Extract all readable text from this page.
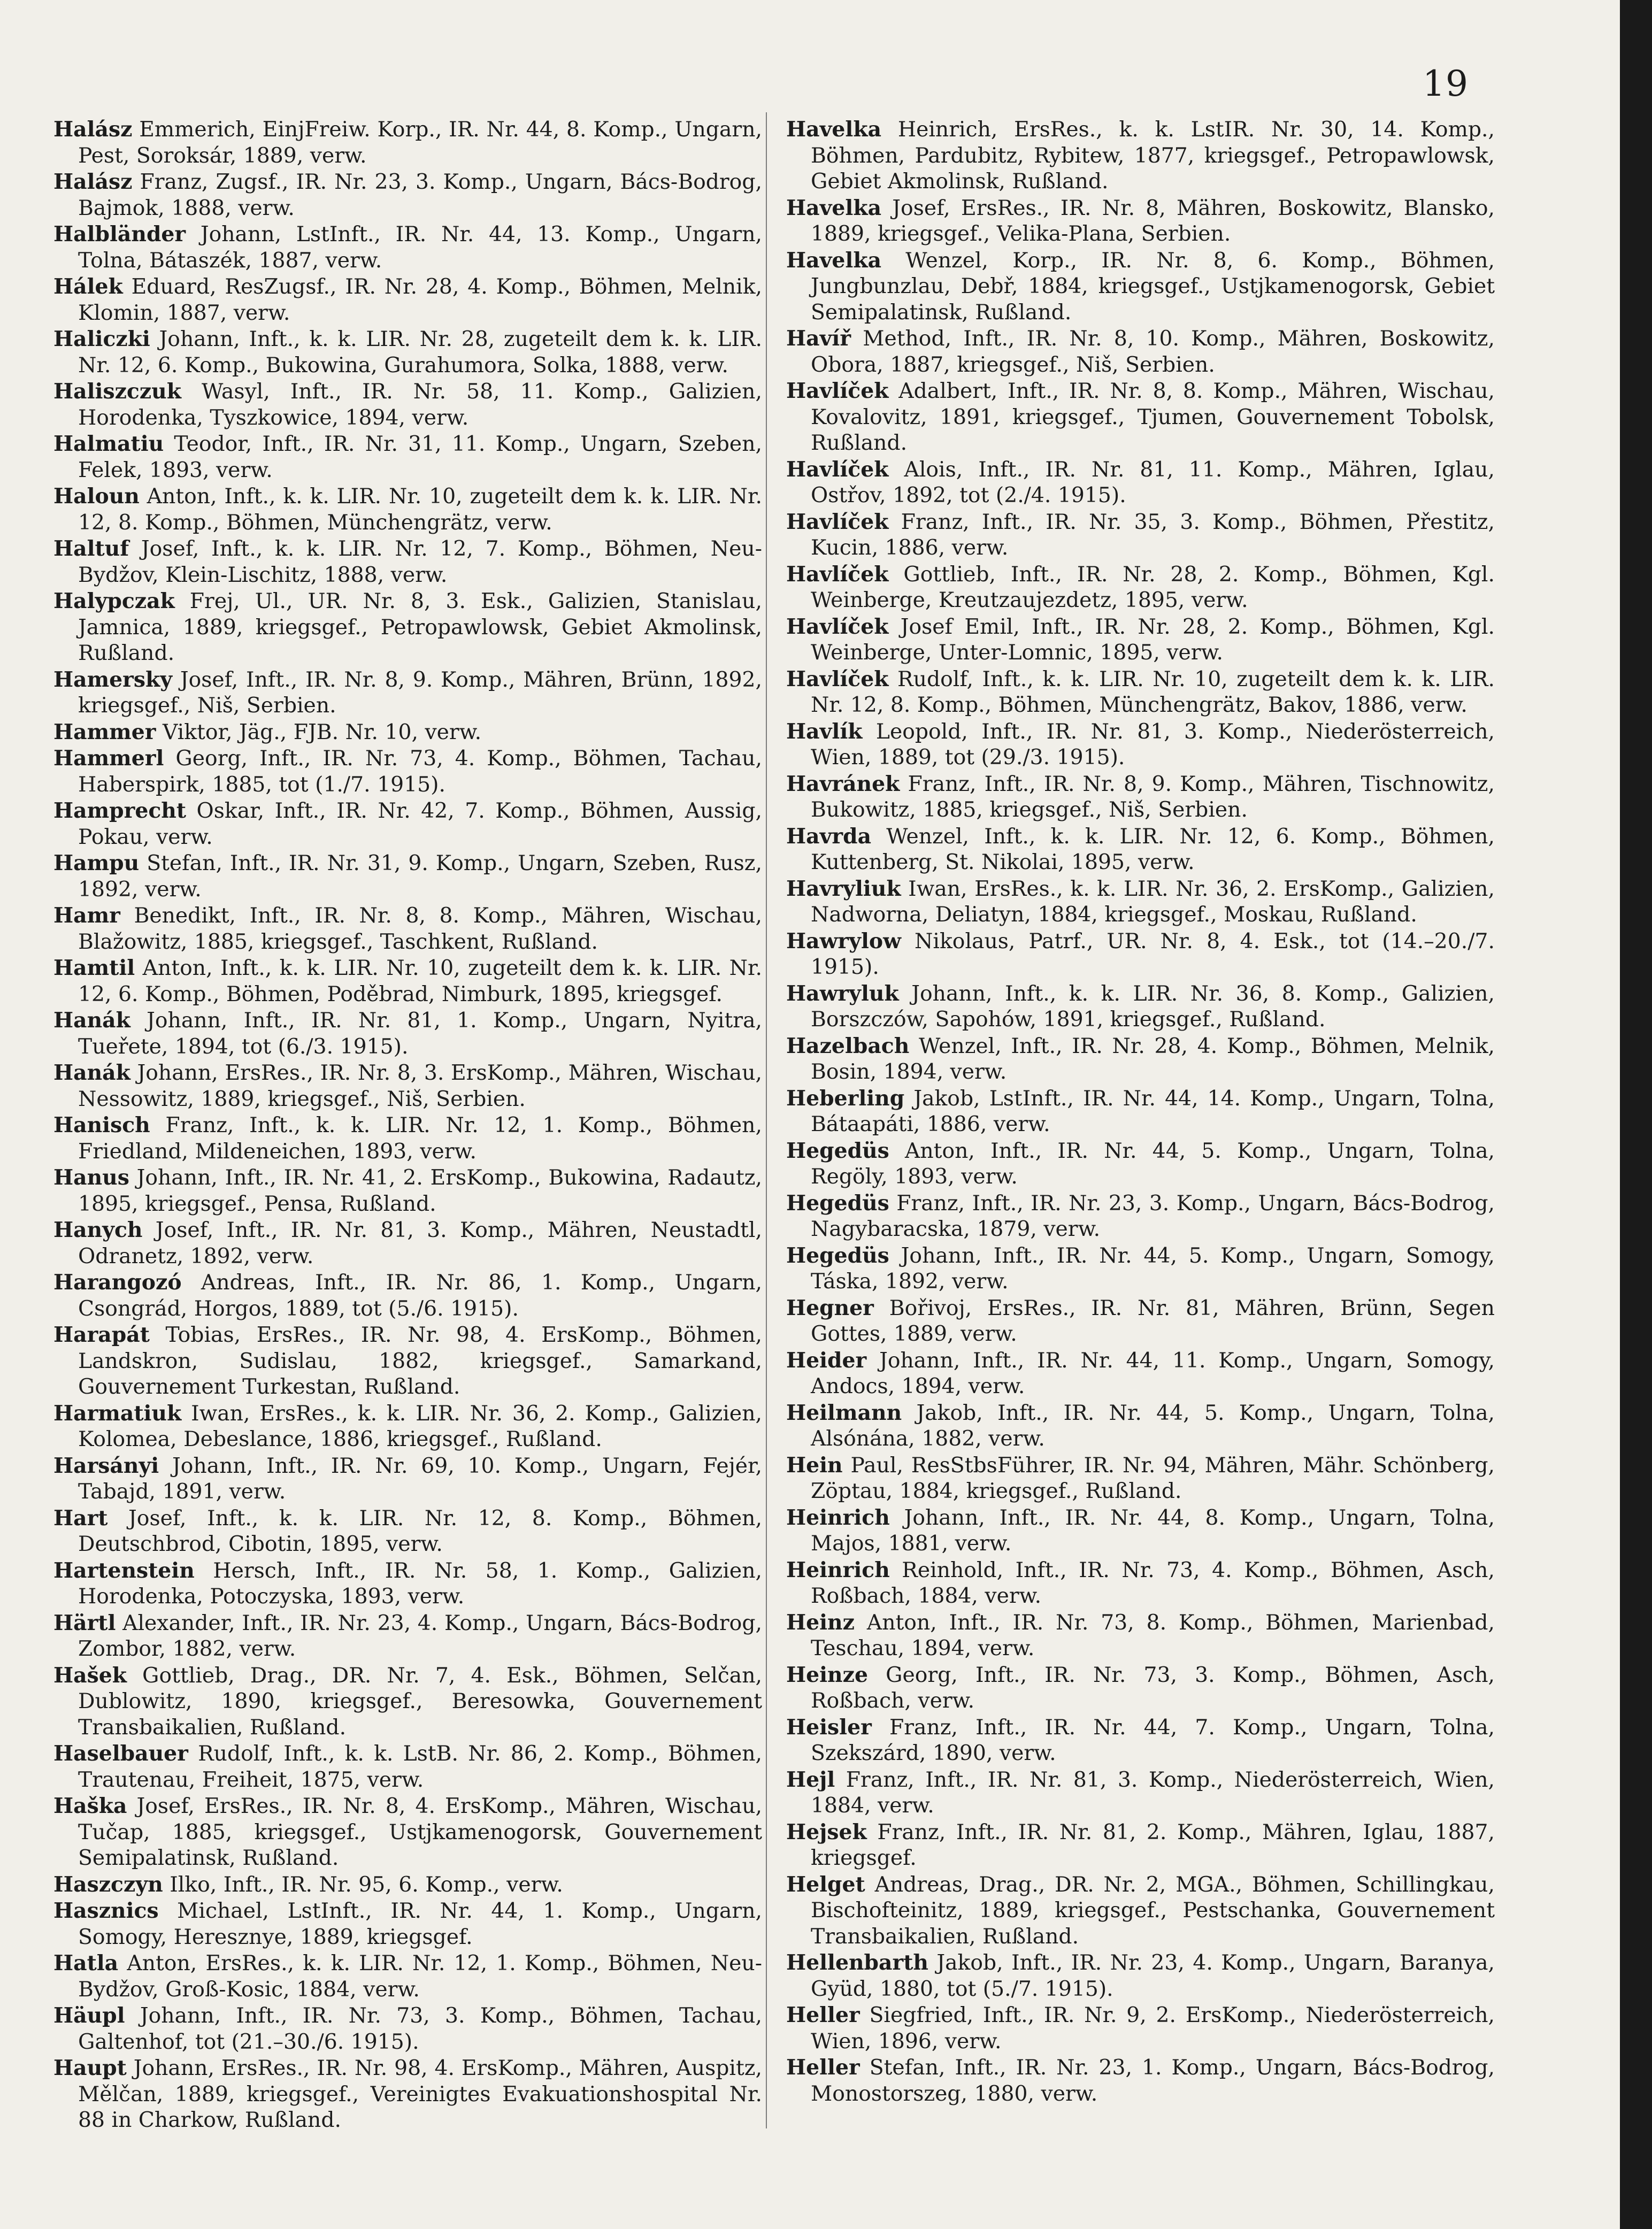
19

Halász Emmerich, EinjFreiw. Korp., IR. Nr. 44, 8. Komp., Ungarn, Pest, Soroksár, 1889, verw.

Halász Franz, Zugsf., IR. Nr. 23, 3. Komp., Ungarn, Bács-Bodrog, Bajmok, 1888, verw.

Halbländer Johann, LstInft., IR. Nr. 44, 13. Komp., Ungarn, Tolna, Bátaszék, 1887, verw.

Hálek Eduard, ResZugsf., IR. Nr. 28, 4. Komp., Böhmen, Melnik, Klomin, 1887, verw.

Haliczki Johann, Inft., k. k. LIR. Nr. 28, zugeteilt dem k. k. LIR. Nr. 12, 6. Komp., Bukowina, Gurahumora, Solka, 1888, verw.

Haliszczuk Wasyl, Inft., IR. Nr. 58, 11. Komp., Galizien, Horodenka, Tyszkowice, 1894, verw.

Halmatiu Teodor, Inft., IR. Nr. 31, 11. Komp., Ungarn, Szeben, Felek, 1893, verw.

Haloun Anton, Inft., k. k. LIR. Nr. 10, zugeteilt dem k. k. LIR. Nr. 12, 8. Komp., Böhmen, Münchengrätz, verw.

Haltuf Josef, Inft., k. k. LIR. Nr. 12, 7. Komp., Böhmen, Neu-Bydžov, Klein-Lischitz, 1888, verw.

Halypczak Frej, Ul., UR. Nr. 8, 3. Esk., Galizien, Stanislau, Jamnica, 1889, kriegsgef., Petropawlowsk, Gebiet Akmolinsk, Rußland.

Hamersky Josef, Inft., IR. Nr. 8, 9. Komp., Mähren, Brünn, 1892, kriegsgef., Niš, Serbien.

Hammer Viktor, Jäg., FJB. Nr. 10, verw.

Hammerl Georg, Inft., IR. Nr. 73, 4. Komp., Böhmen, Tachau, Haberspirk, 1885, tot (1./7. 1915).

Hamprecht Oskar, Inft., IR. Nr. 42, 7. Komp., Böhmen, Aussig, Pokau, verw.

Hampu Stefan, Inft., IR. Nr. 31, 9. Komp., Ungarn, Szeben, Rusz, 1892, verw.

Hamr Benedikt, Inft., IR. Nr. 8, 8. Komp., Mähren, Wischau, Blažowitz, 1885, kriegsgef., Taschkent, Rußland.

Hamtil Anton, Inft., k. k. LIR. Nr. 10, zugeteilt dem k. k. LIR. Nr. 12, 6. Komp., Böhmen, Poděbrad, Nimburk, 1895, kriegsgef.

Hanák Johann, Inft., IR. Nr. 81, 1. Komp., Ungarn, Nyitra, Tueřete, 1894, tot (6./3. 1915).

Hanák Johann, ErsRes., IR. Nr. 8, 3. ErsKomp., Mähren, Wischau, Nessowitz, 1889, kriegsgef., Niš, Serbien.

Hanisch Franz, Inft., k. k. LIR. Nr. 12, 1. Komp., Böhmen, Friedland, Mildeneichen, 1893, verw.

Hanus Johann, Inft., IR. Nr. 41, 2. ErsKomp., Bukowina, Radautz, 1895, kriegsgef., Pensa, Rußland.

Hanych Josef, Inft., IR. Nr. 81, 3. Komp., Mähren, Neustadtl, Odranetz, 1892, verw.

Harangozó Andreas, Inft., IR. Nr. 86, 1. Komp., Ungarn, Csongrád, Horgos, 1889, tot (5./6. 1915).

Harapát Tobias, ErsRes., IR. Nr. 98, 4. ErsKomp., Böhmen, Landskron, Sudislau, 1882, kriegsgef., Samarkand, Gouvernement Turkestan, Rußland.

Harmatiuk Iwan, ErsRes., k. k. LIR. Nr. 36, 2. Komp., Galizien, Kolomea, Debeslance, 1886, kriegsgef., Rußland.

Harsányi Johann, Inft., IR. Nr. 69, 10. Komp., Ungarn, Fejér, Tabajd, 1891, verw.

Hart Josef, Inft., k. k. LIR. Nr. 12, 8. Komp., Böhmen, Deutschbrod, Cibotin, 1895, verw.

Hartenstein Hersch, Inft., IR. Nr. 58, 1. Komp., Galizien, Horodenka, Potoczyska, 1893, verw.

Härtl Alexander, Inft., IR. Nr. 23, 4. Komp., Ungarn, Bács-Bodrog, Zombor, 1882, verw.

Hašek Gottlieb, Drag., DR. Nr. 7, 4. Esk., Böhmen, Selčan, Dublowitz, 1890, kriegsgef., Beresowka, Gouvernement Transbaikalien, Rußland.

Haselbauer Rudolf, Inft., k. k. LstB. Nr. 86, 2. Komp., Böhmen, Trautenau, Freiheit, 1875, verw.

Haška Josef, ErsRes., IR. Nr. 8, 4. ErsKomp., Mähren, Wischau, Tučap, 1885, kriegsgef., Ustjkamenogorsk, Gouvernement Semipalatinsk, Rußland.

Haszczyn Ilko, Inft., IR. Nr. 95, 6. Komp., verw.

Hasznics Michael, LstInft., IR. Nr. 44, 1. Komp., Ungarn, Somogy, Heresznye, 1889, kriegsgef.

Hatla Anton, ErsRes., k. k. LIR. Nr. 12, 1. Komp., Böhmen, Neu-Bydžov, Groß-Kosic, 1884, verw.

Häupl Johann, Inft., IR. Nr. 73, 3. Komp., Böhmen, Tachau, Galtenhof, tot (21.–30./6. 1915).

Haupt Johann, ErsRes., IR. Nr. 98, 4. ErsKomp., Mähren, Auspitz, Mělčan, 1889, kriegsgef., Vereinigtes Evakuationshospital Nr. 88 in Charkow, Rußland.

Havelka Heinrich, ErsRes., k. k. LstIR. Nr. 30, 14. Komp., Böhmen, Pardubitz, Rybitew, 1877, kriegsgef., Petropawlowsk, Gebiet Akmolinsk, Rußland.

Havelka Josef, ErsRes., IR. Nr. 8, Mähren, Boskowitz, Blansko, 1889, kriegsgef., Velika-Plana, Serbien.

Havelka Wenzel, Korp., IR. Nr. 8, 6. Komp., Böhmen, Jungbunzlau, Debř, 1884, kriegsgef., Ustjkamenogorsk, Gebiet Semipalatinsk, Rußland.

Havíř Method, Inft., IR. Nr. 8, 10. Komp., Mähren, Boskowitz, Obora, 1887, kriegsgef., Niš, Serbien.

Havlíček Adalbert, Inft., IR. Nr. 8, 8. Komp., Mähren, Wischau, Kovalovitz, 1891, kriegsgef., Tjumen, Gouvernement Tobolsk, Rußland.

Havlíček Alois, Inft., IR. Nr. 81, 11. Komp., Mähren, Iglau, Ostřov, 1892, tot (2./4. 1915).

Havlíček Franz, Inft., IR. Nr. 35, 3. Komp., Böhmen, Přestitz, Kucin, 1886, verw.

Havlíček Gottlieb, Inft., IR. Nr. 28, 2. Komp., Böhmen, Kgl. Weinberge, Kreutzaujezdetz, 1895, verw.

Havlíček Josef Emil, Inft., IR. Nr. 28, 2. Komp., Böhmen, Kgl. Weinberge, Unter-Lomnic, 1895, verw.

Havlíček Rudolf, Inft., k. k. LIR. Nr. 10, zugeteilt dem k. k. LIR. Nr. 12, 8. Komp., Böhmen, Münchengrätz, Bakov, 1886, verw.

Havlík Leopold, Inft., IR. Nr. 81, 3. Komp., Niederösterreich, Wien, 1889, tot (29./3. 1915).

Havránek Franz, Inft., IR. Nr. 8, 9. Komp., Mähren, Tischnowitz, Bukowitz, 1885, kriegsgef., Niš, Serbien.

Havrda Wenzel, Inft., k. k. LIR. Nr. 12, 6. Komp., Böhmen, Kuttenberg, St. Nikolai, 1895, verw.

Havryliuk Iwan, ErsRes., k. k. LIR. Nr. 36, 2. ErsKomp., Galizien, Nadworna, Deliatyn, 1884, kriegsgef., Moskau, Rußland.

Hawrylow Nikolaus, Patrf., UR. Nr. 8, 4. Esk., tot (14.–20./7. 1915).

Hawryluk Johann, Inft., k. k. LIR. Nr. 36, 8. Komp., Galizien, Borszczów, Sapohów, 1891, kriegsgef., Rußland.

Hazelbach Wenzel, Inft., IR. Nr. 28, 4. Komp., Böhmen, Melnik, Bosin, 1894, verw.

Heberling Jakob, LstInft., IR. Nr. 44, 14. Komp., Ungarn, Tolna, Bátaapáti, 1886, verw.

Hegedüs Anton, Inft., IR. Nr. 44, 5. Komp., Ungarn, Tolna, Regöly, 1893, verw.

Hegedüs Franz, Inft., IR. Nr. 23, 3. Komp., Ungarn, Bács-Bodrog, Nagybaracska, 1879, verw.

Hegedüs Johann, Inft., IR. Nr. 44, 5. Komp., Ungarn, Somogy, Táska, 1892, verw.

Hegner Bořivoj, ErsRes., IR. Nr. 81, Mähren, Brünn, Segen Gottes, 1889, verw.

Heider Johann, Inft., IR. Nr. 44, 11. Komp., Ungarn, Somogy, Andocs, 1894, verw.

Heilmann Jakob, Inft., IR. Nr. 44, 5. Komp., Ungarn, Tolna, Alsónána, 1882, verw.

Hein Paul, ResStbsFührer, IR. Nr. 94, Mähren, Mähr. Schönberg, Zöptau, 1884, kriegsgef., Rußland.

Heinrich Johann, Inft., IR. Nr. 44, 8. Komp., Ungarn, Tolna, Majos, 1881, verw.

Heinrich Reinhold, Inft., IR. Nr. 73, 4. Komp., Böhmen, Asch, Roßbach, 1884, verw.

Heinz Anton, Inft., IR. Nr. 73, 8. Komp., Böhmen, Marienbad, Teschau, 1894, verw.

Heinze Georg, Inft., IR. Nr. 73, 3. Komp., Böhmen, Asch, Roßbach, verw.

Heisler Franz, Inft., IR. Nr. 44, 7. Komp., Ungarn, Tolna, Szekszárd, 1890, verw.

Hejl Franz, Inft., IR. Nr. 81, 3. Komp., Niederösterreich, Wien, 1884, verw.

Hejsek Franz, Inft., IR. Nr. 81, 2. Komp., Mähren, Iglau, 1887, kriegsgef.

Helget Andreas, Drag., DR. Nr. 2, MGA., Böhmen, Schillingkau, Bischofteinitz, 1889, kriegsgef., Pestschanka, Gouvernement Transbaikalien, Rußland.

Hellenbarth Jakob, Inft., IR. Nr. 23, 4. Komp., Ungarn, Baranya, Gyüd, 1880, tot (5./7. 1915).

Heller Siegfried, Inft., IR. Nr. 9, 2. ErsKomp., Niederösterreich, Wien, 1896, verw.

Heller Stefan, Inft., IR. Nr. 23, 1. Komp., Ungarn, Bács-Bodrog, Monostorszeg, 1880, verw.
